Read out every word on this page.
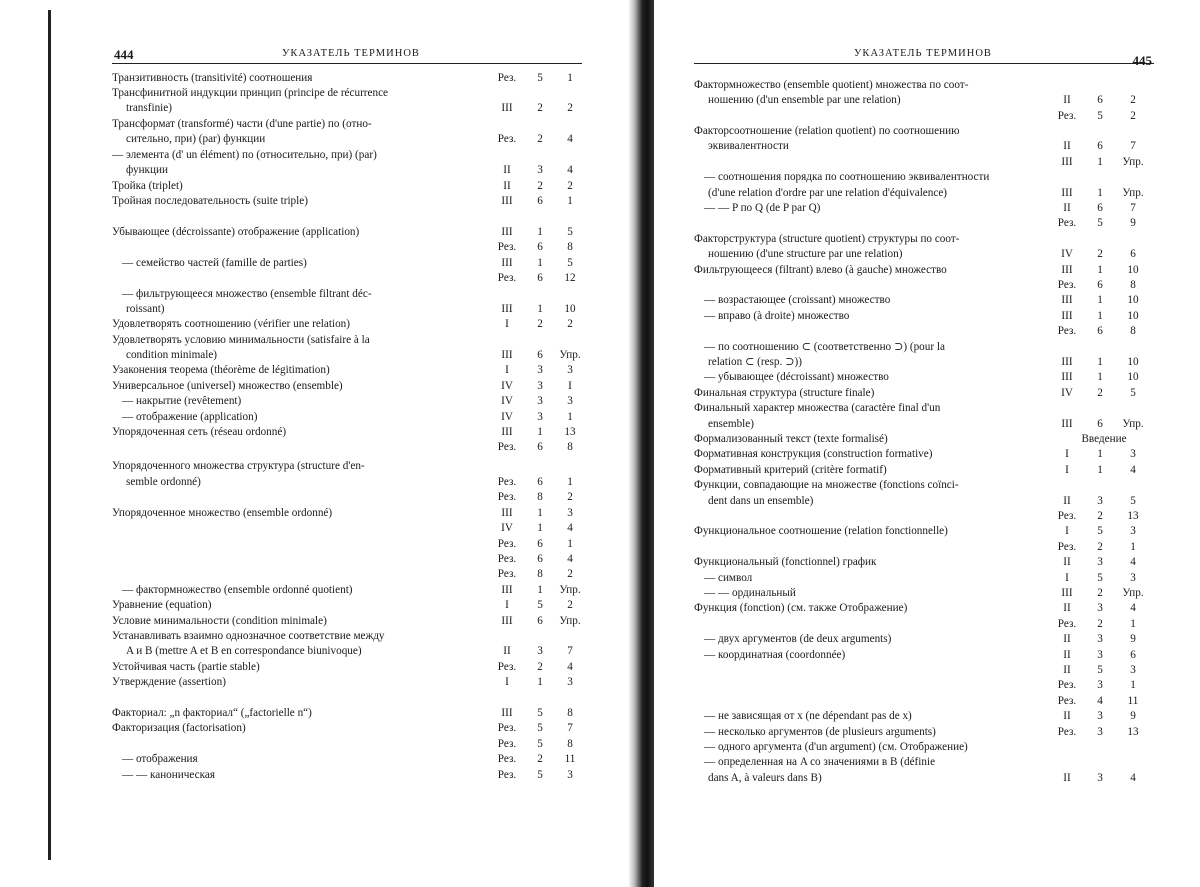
444	УКАЗАТЕЛЬ ТЕРМИНОВ
Транзитивность (transitivité) соотношения	Рез.	5	1
Трансфинитной индукции принцип (principe de récurrence
transfinie)	III	2	2
Трансформат (transformé) части (d'une partie) по (отно-
сительно, при) (par) функции	Рез.	2	4
— элемента (d' un élément) по (относительно, при) (par)
функции	II	3	4
Тройка (triplet)	II	2	2
Тройная последовательность (suite triple)	III	6	1
Убывающее (décroissante) отображение (application)	III	1	5
Рез.	6	8
— семейство частей (famille de parties)	III	1	5
Рез.	6	12
— фильтрующееся множество (ensemble filtrant déc-
roissant)	III	1	10
Удовлетворять соотношению (vérifier une relation)	I	2	2
Удовлетворять условию минимальности (satisfaire à la
condition minimale)	III	6	Упр.
Узаконения теорема (théorème de légitimation)	I	3	3
Универсальное (universel) множество (ensemble)	IV	3	I
— накрытие (revêtement)	IV	3	3
— отображение (application)	IV	3	1
Упорядоченная сеть (réseau ordonné)	III	1	13
Рез.	6	8
Упорядоченного множества структура (structure d'en-
semble ordonné)	Рез.	6	1
Рез.	8	2
Упорядоченное множество (ensemble ordonné)	III	1	3
IV	1	4
Рез.	6	1
Рез.	6	4
Рез.	8	2
— фактормножество (ensemble ordonné quotient)	III	1	Упр.
Уравнение (equation)	I	5	2
Условие минимальности (condition minimale)	III	6	Упр.
Устанавливать взаимно однозначное соответствие между
A и B (mettre A et B en correspondance biunivoque)	II	3	7
Устойчивая часть (partie stable)	Рез.	2	4
Утверждение (assertion)	I	1	3
Факториал: „n факториал“ („factorielle n“)	III	5	8
Факторизация (factorisation)	Рез.	5	7
Рез.	5	8
— отображения	Рез.	2	11
— — каноническая	Рез.	5	3
УКАЗАТЕЛЬ ТЕРМИНОВ	445
Фактормножество (ensemble quotient) множества по соот-
ношению (d'un ensemble par une relation)	II	6	2
Рез.	5	2
Факторсоотношение (relation quotient) по соотношению
эквивалентности	II	6	7
III	1	Упр.
— соотношения порядка по соотношению эквивалентности
(d'une relation d'ordre par une relation d'équivalence)	III	1	Упр.
— — P по Q (de P par Q)	II	6	7
Рез.	5	9
Факторструктура (structure quotient) структуры по соот-
ношению (d'une structure par une relation)	IV	2	6
Фильтрующееся (filtrant) влево (à gauche) множество	III	1	10
Рез.	6	8
— возрастающее (croissant) множество	III	1	10
— вправо (à droite) множество	III	1	10
Рез.	6	8
— по соотношению ⊂ (соответственно ⊃) (pour la
relation ⊂ (resp. ⊃))	III	1	10
— убывающее (décroissant) множество	III	1	10
Финальная структура (structure finale)	IV	2	5
Финальный характер множества (caractère final d'un
ensemble)	III	6	Упр.
Формализованный текст (texte formalisé)	Введение
Формативная конструкция (construction formative)	I	1	3
Формативный критерий (critère formatif)	I	1	4
Функции, совпадающие на множестве (fonctions coïnci-
dent dans un ensemble)	II	3	5
Рез.	2	13
Функциональное соотношение (relation fonctionnelle)	I	5	3
Рез.	2	1
Функциональный (fonctionnel) график	II	3	4
— символ	I	5	3
— — ординальный	III	2	Упр.
Функция (fonction) (см. также Отображение)	II	3	4
Рез.	2	1
— двух аргументов (de deux arguments)	II	3	9
— координатная (coordonnée)	II	3	6
II	5	3
Рез.	3	1
Рез.	4	11
— не зависящая от x (ne dépendant pas de x)	II	3	9
— несколько аргументов (de plusieurs arguments)	Рез.	3	13
— одного аргумента (d'un argument) (см. Отображение)
— определенная на A со значениями в B (définie
dans A, à valeurs dans B)	II	3	4
